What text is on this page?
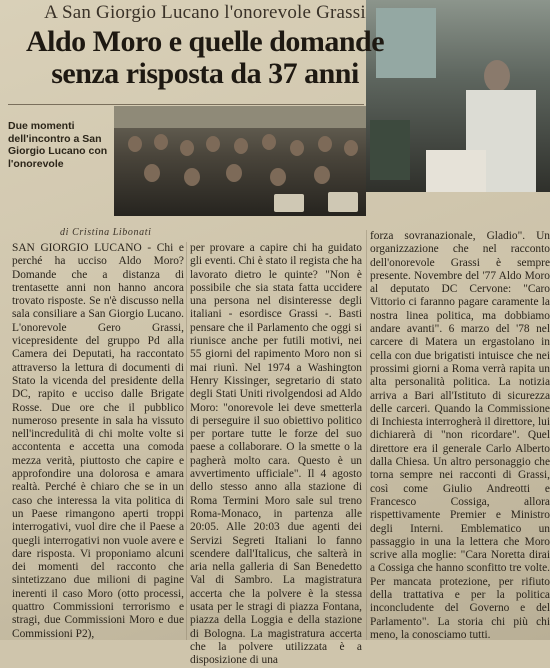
A San Giorgio Lucano l'onorevole Grassi
Aldo Moro e quelle domande
senza risposta da 37 anni
Due momenti dell'incontro a San Giorgio Lucano con l'onorevole
di Cristina Libonati

SAN GIORGIO LUCANO - Chi e perché ha ucciso Aldo Moro? Domande che a distanza di trentasette anni non hanno ancora trovato risposte. Se n'è discusso nella sala consiliare a San Giorgio Lucano. L'onorevole Gero Grassi, vicepresidente del gruppo Pd alla Camera dei Deputati, ha raccontato attraverso la lettura di documenti di Stato la vicenda del presidente della DC, rapito e ucciso dalle Brigate Rosse. Due ore che il pubblico numeroso presente in sala ha vissuto nell'incredulità di chi molte volte si accontenta e accetta una comoda mezza verità, piuttosto che capire e approfondire una dolorosa e amara realtà. Perché è chiaro che se in un caso che interessa la vita politica di un Paese rimangono aperti troppi interrogativi, vuol dire che il Paese a quegli interrogativi non vuole avere e dare risposta. Vi proponiamo alcuni dei momenti del racconto che sintetizzano due milioni di pagine inerenti il caso Moro (otto processi, quattro Commissioni terrorismo e stragi, due Commissioni Moro e due Commissioni P2),

per provare a capire chi ha guidato gli eventi. Chi è stato il regista che ha lavorato dietro le quinte? "Non è possibile che sia stata fatta uccidere una persona nel disinteresse degli italiani - esordisce Grassi -. Basti pensare che il Parlamento che oggi si riunisce anche per futili motivi, nei 55 giorni del rapimento Moro non si mai riunì. Nel 1974 a Washington Henry Kissinger, segretario di stato degli Stati Uniti rivolgendosi ad Aldo Moro: "onorevole lei deve smetterla di perseguire il suo obiettivo politico per portare tutte le forze del suo paese a collaborare. O la smette o la pagherà molto cara. Questo è un avvertimento ufficiale". Il 4 agosto dello stesso anno alla stazione di Roma Termini Moro sale sul treno Roma-Monaco, in partenza alle 20:05. Alle 20:03 due agenti dei Servizi Segreti Italiani lo fanno scendere dall'Italicus, che salterà in aria nella galleria di San Benedetto Val di Sambro. La magistratura accerta che la polvere è la stessa usata per le stragi di piazza Fontana, piazza della Loggia e della stazione di Bologna. La magistratura accerta che la polvere utilizzata è a disposizione di una

forza sovranazionale, Gladio". Un organizzazione che nel racconto dell'onorevole Grassi è sempre presente. Novembre del '77 Aldo Moro al deputato DC Cervone: "Caro Vittorio ci faranno pagare caramente la nostra linea politica, ma dobbiamo andare avanti". 6 marzo del '78 nel carcere di Matera un ergastolano in cella con due brigatisti intuisce che nei prossimi giorni a Roma verrà rapita un alta personalità politica. La notizia arriva a Bari all'Istituto di sicurezza delle carceri. Quando la Commissione di Inchiesta interrogherà il direttore, lui dichiarerà di "non ricordare". Quel direttore era il generale Carlo Alberto dalla Chiesa. Un altro personaggio che torna sempre nei racconti di Grassi, così come Giulio Andreotti e Francesco Cossiga, allora rispettivamente Premier e Ministro degli Interni. Emblematico un passaggio in una la lettera che Moro scrive alla moglie: "Cara Noretta dirai a Cossiga che hanno sconfitto tre volte. Per mancata protezione, per rifiuto della trattativa e per la politica inconcludente del Governo e del Parlamento". La storia chi più chi meno, la conosciamo tutti.
